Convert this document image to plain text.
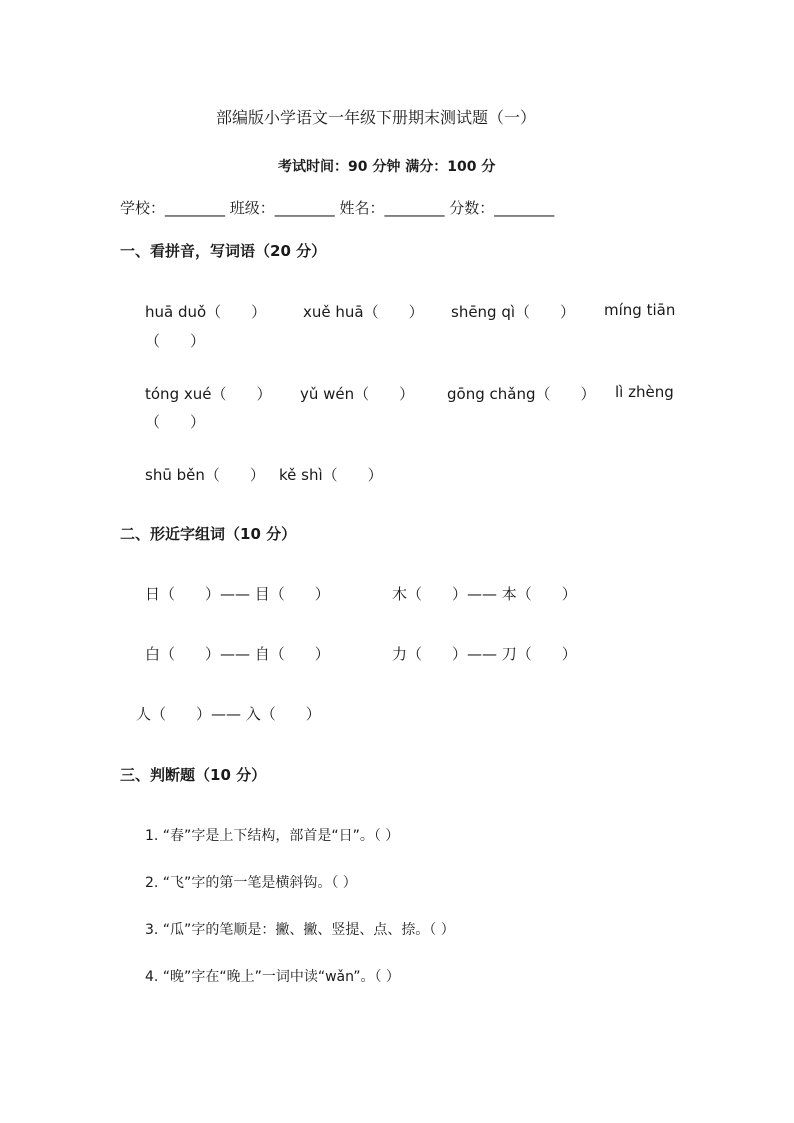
部编版小学语文一年级下册期末测试题（一）
考试时间：90 分钟 满分：100 分
学校：________ 班级：________ 姓名：________ 分数：________
一、看拼音，写词语（20 分）
huā duǒ（　　） xuě huā（　　） shēng qì（　　） míng tiān
（　　）
tóng xué（　　） yǔ wén（　　） gōng chǎng（　　） lì zhèng
（　　）
shū běn（　　） kě shì（　　）
二、形近字组词（10 分）
日（　　）—— 目（　　）	木（　　）—— 本（　　）
白（　　）—— 自（　　）	力（　　）—— 刀（　　）
人（　　）—— 入（　　）
三、判断题（10 分）
1. “春”字是上下结构，部首是“日”。（ ）
2. “飞”字的第一笔是横斜钩。（ ）
3. “瓜”字的笔顺是：撇、撇、竖提、点、捺。（ ）
4. “晚”字在“晚上”一词中读“wǎn”。（ ）
